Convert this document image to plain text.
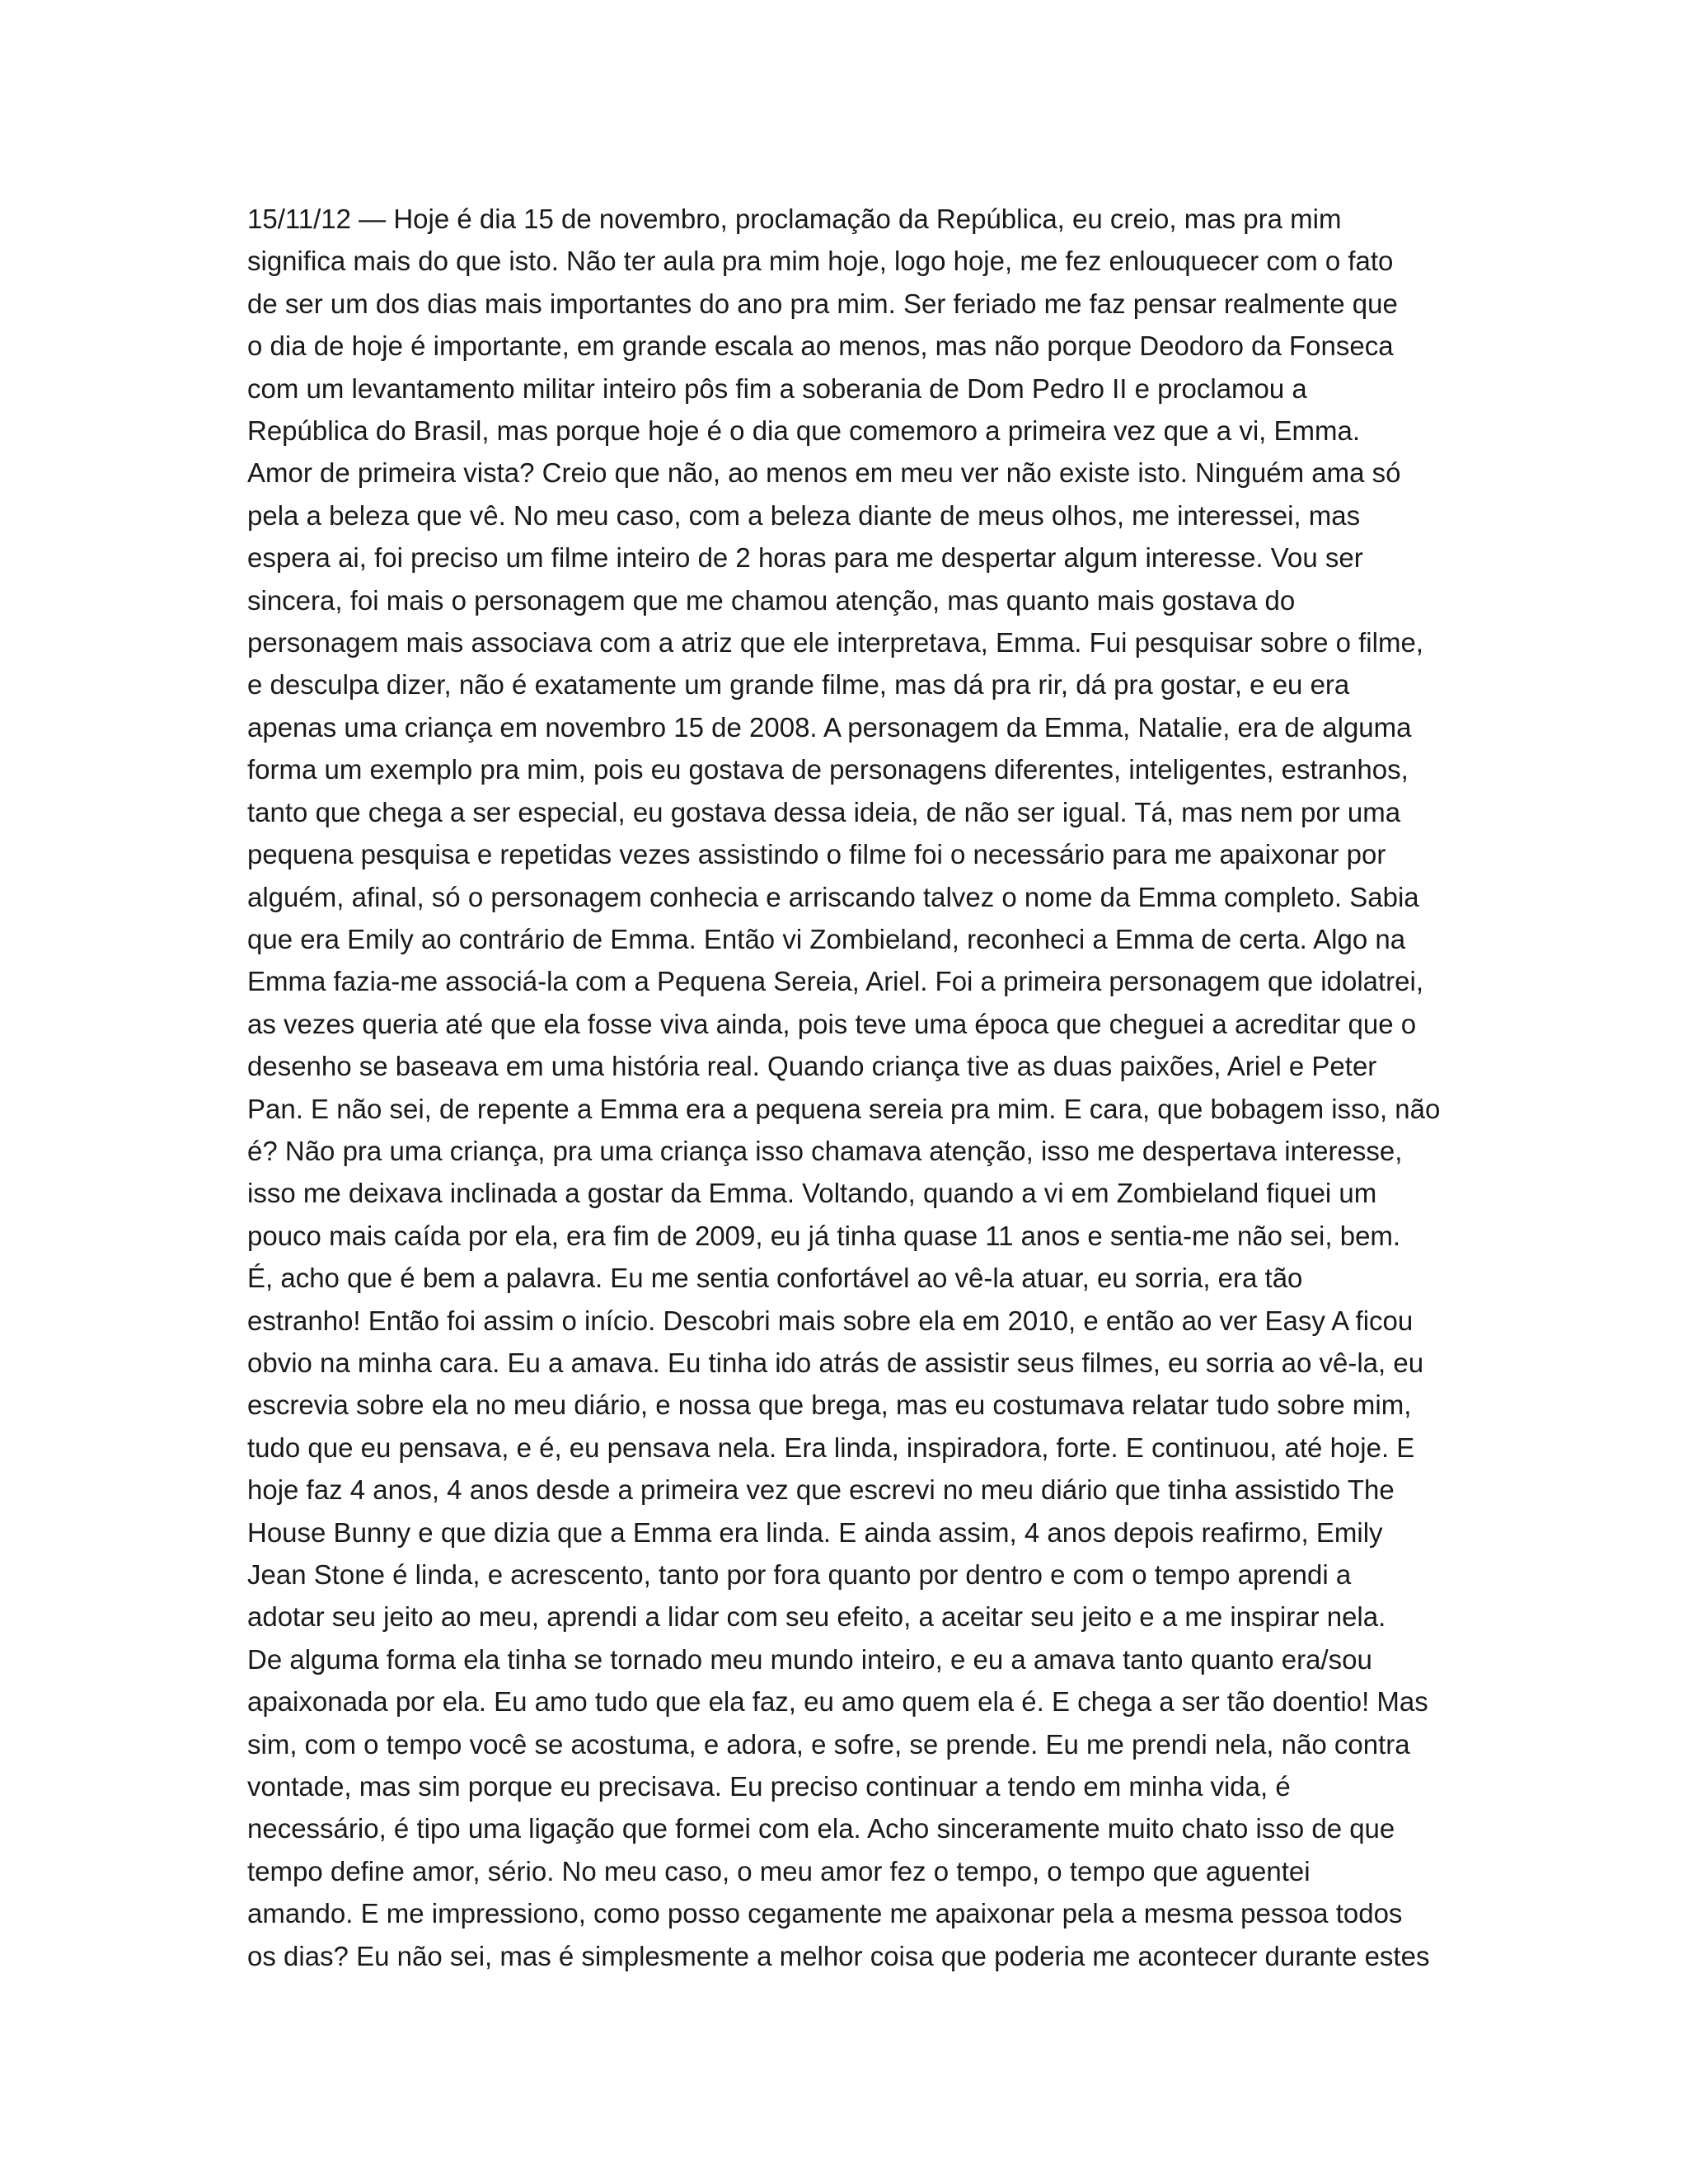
15/11/12 — Hoje é dia 15 de novembro, proclamação da República, eu creio, mas pra mim
significa mais do que isto. Não ter aula pra mim hoje, logo hoje, me fez enlouquecer com o fato
de ser um dos dias mais importantes do ano pra mim. Ser feriado me faz pensar realmente que
o dia de hoje é importante, em grande escala ao menos, mas não porque Deodoro da Fonseca
com um levantamento militar inteiro pôs fim a soberania de Dom Pedro II e proclamou a
República do Brasil, mas porque hoje é o dia que comemoro a primeira vez que a vi, Emma.
Amor de primeira vista? Creio que não, ao menos em meu ver não existe isto. Ninguém ama só
pela a beleza que vê. No meu caso, com a beleza diante de meus olhos, me interessei, mas
espera ai, foi preciso um filme inteiro de 2 horas para me despertar algum interesse. Vou ser
sincera, foi mais o personagem que me chamou atenção, mas quanto mais gostava do
personagem mais associava com a atriz que ele interpretava, Emma. Fui pesquisar sobre o filme,
e desculpa dizer, não é exatamente um grande filme, mas dá pra rir, dá pra gostar, e eu era
apenas uma criança em novembro 15 de 2008. A personagem da Emma, Natalie, era de alguma
forma um exemplo pra mim, pois eu gostava de personagens diferentes, inteligentes, estranhos,
tanto que chega a ser especial, eu gostava dessa ideia, de não ser igual. Tá, mas nem por uma
pequena pesquisa e repetidas vezes assistindo o filme foi o necessário para me apaixonar por
alguém, afinal, só o personagem conhecia e arriscando talvez o nome da Emma completo. Sabia
que era Emily ao contrário de Emma. Então vi Zombieland, reconheci a Emma de certa. Algo na
Emma fazia-me associá-la com a Pequena Sereia, Ariel. Foi a primeira personagem que idolatrei,
as vezes queria até que ela fosse viva ainda, pois teve uma época que cheguei a acreditar que o
desenho se baseava em uma história real. Quando criança tive as duas paixões, Ariel e Peter
Pan. E não sei, de repente a Emma era a pequena sereia pra mim. E cara, que bobagem isso, não
é? Não pra uma criança, pra uma criança isso chamava atenção, isso me despertava interesse,
isso me deixava inclinada a gostar da Emma. Voltando, quando a vi em Zombieland fiquei um
pouco mais caída por ela, era fim de 2009, eu já tinha quase 11 anos e sentia-me não sei, bem.
É, acho que é bem a palavra. Eu me sentia confortável ao vê-la atuar, eu sorria, era tão
estranho! Então foi assim o início. Descobri mais sobre ela em 2010, e então ao ver Easy A ficou
obvio na minha cara. Eu a amava. Eu tinha ido atrás de assistir seus filmes, eu sorria ao vê-la, eu
escrevia sobre ela no meu diário, e nossa que brega, mas eu costumava relatar tudo sobre mim,
tudo que eu pensava, e é, eu pensava nela. Era linda, inspiradora, forte. E continuou, até hoje. E
hoje faz 4 anos, 4 anos desde a primeira vez que escrevi no meu diário que tinha assistido The
House Bunny e que dizia que a Emma era linda. E ainda assim, 4 anos depois reafirmo, Emily
Jean Stone é linda, e acrescento, tanto por fora quanto por dentro e com o tempo aprendi a
adotar seu jeito ao meu, aprendi a lidar com seu efeito, a aceitar seu jeito e a me inspirar nela.
De alguma forma ela tinha se tornado meu mundo inteiro, e eu a amava tanto quanto era/sou
apaixonada por ela. Eu amo tudo que ela faz, eu amo quem ela é. E chega a ser tão doentio! Mas
sim, com o tempo você se acostuma, e adora, e sofre, se prende. Eu me prendi nela, não contra
vontade, mas sim porque eu precisava. Eu preciso continuar a tendo em minha vida, é
necessário, é tipo uma ligação que formei com ela. Acho sinceramente muito chato isso de que
tempo define amor, sério. No meu caso, o meu amor fez o tempo, o tempo que aguentei
amando. E me impressiono, como posso cegamente me apaixonar pela a mesma pessoa todos
os dias? Eu não sei, mas é simplesmente a melhor coisa que poderia me acontecer durante estes
